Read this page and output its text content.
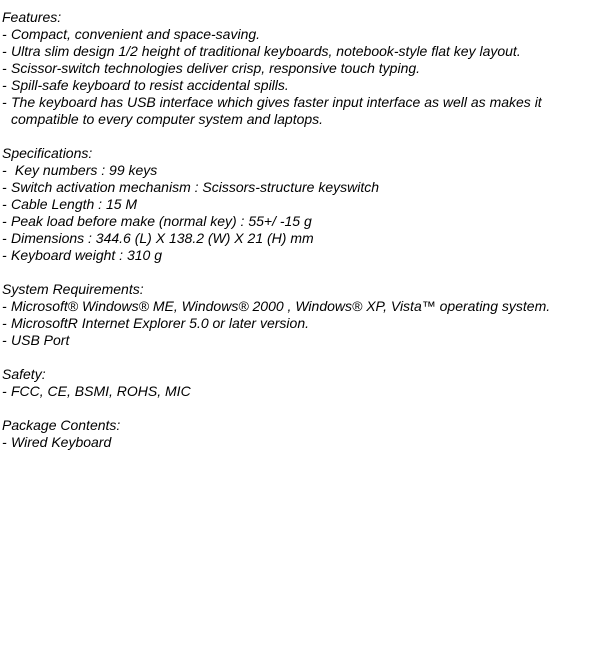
Features:
- Compact, convenient and space-saving.
- Ultra slim design 1/2 height of traditional keyboards, notebook-style flat key layout.
- Scissor-switch technologies deliver crisp, responsive touch typing.
- Spill-safe keyboard to resist accidental spills.
- The keyboard has USB interface which gives faster input interface as well as makes it compatible to every computer system and laptops.
Specifications:
- Key numbers : 99 keys
- Switch activation mechanism : Scissors-structure keyswitch
- Cable Length : 15 M
- Peak load before make (normal key) : 55+/ -15 g
- Dimensions : 344.6 (L) X 138.2 (W) X 21 (H) mm
- Keyboard weight : 310 g
System Requirements:
- Microsoft® Windows® ME, Windows® 2000 , Windows® XP, Vista™ operating system.
- MicrosoftR Internet Explorer 5.0 or later version.
- USB Port
Safety:
- FCC, CE, BSMI, ROHS, MIC
Package Contents:
- Wired Keyboard
